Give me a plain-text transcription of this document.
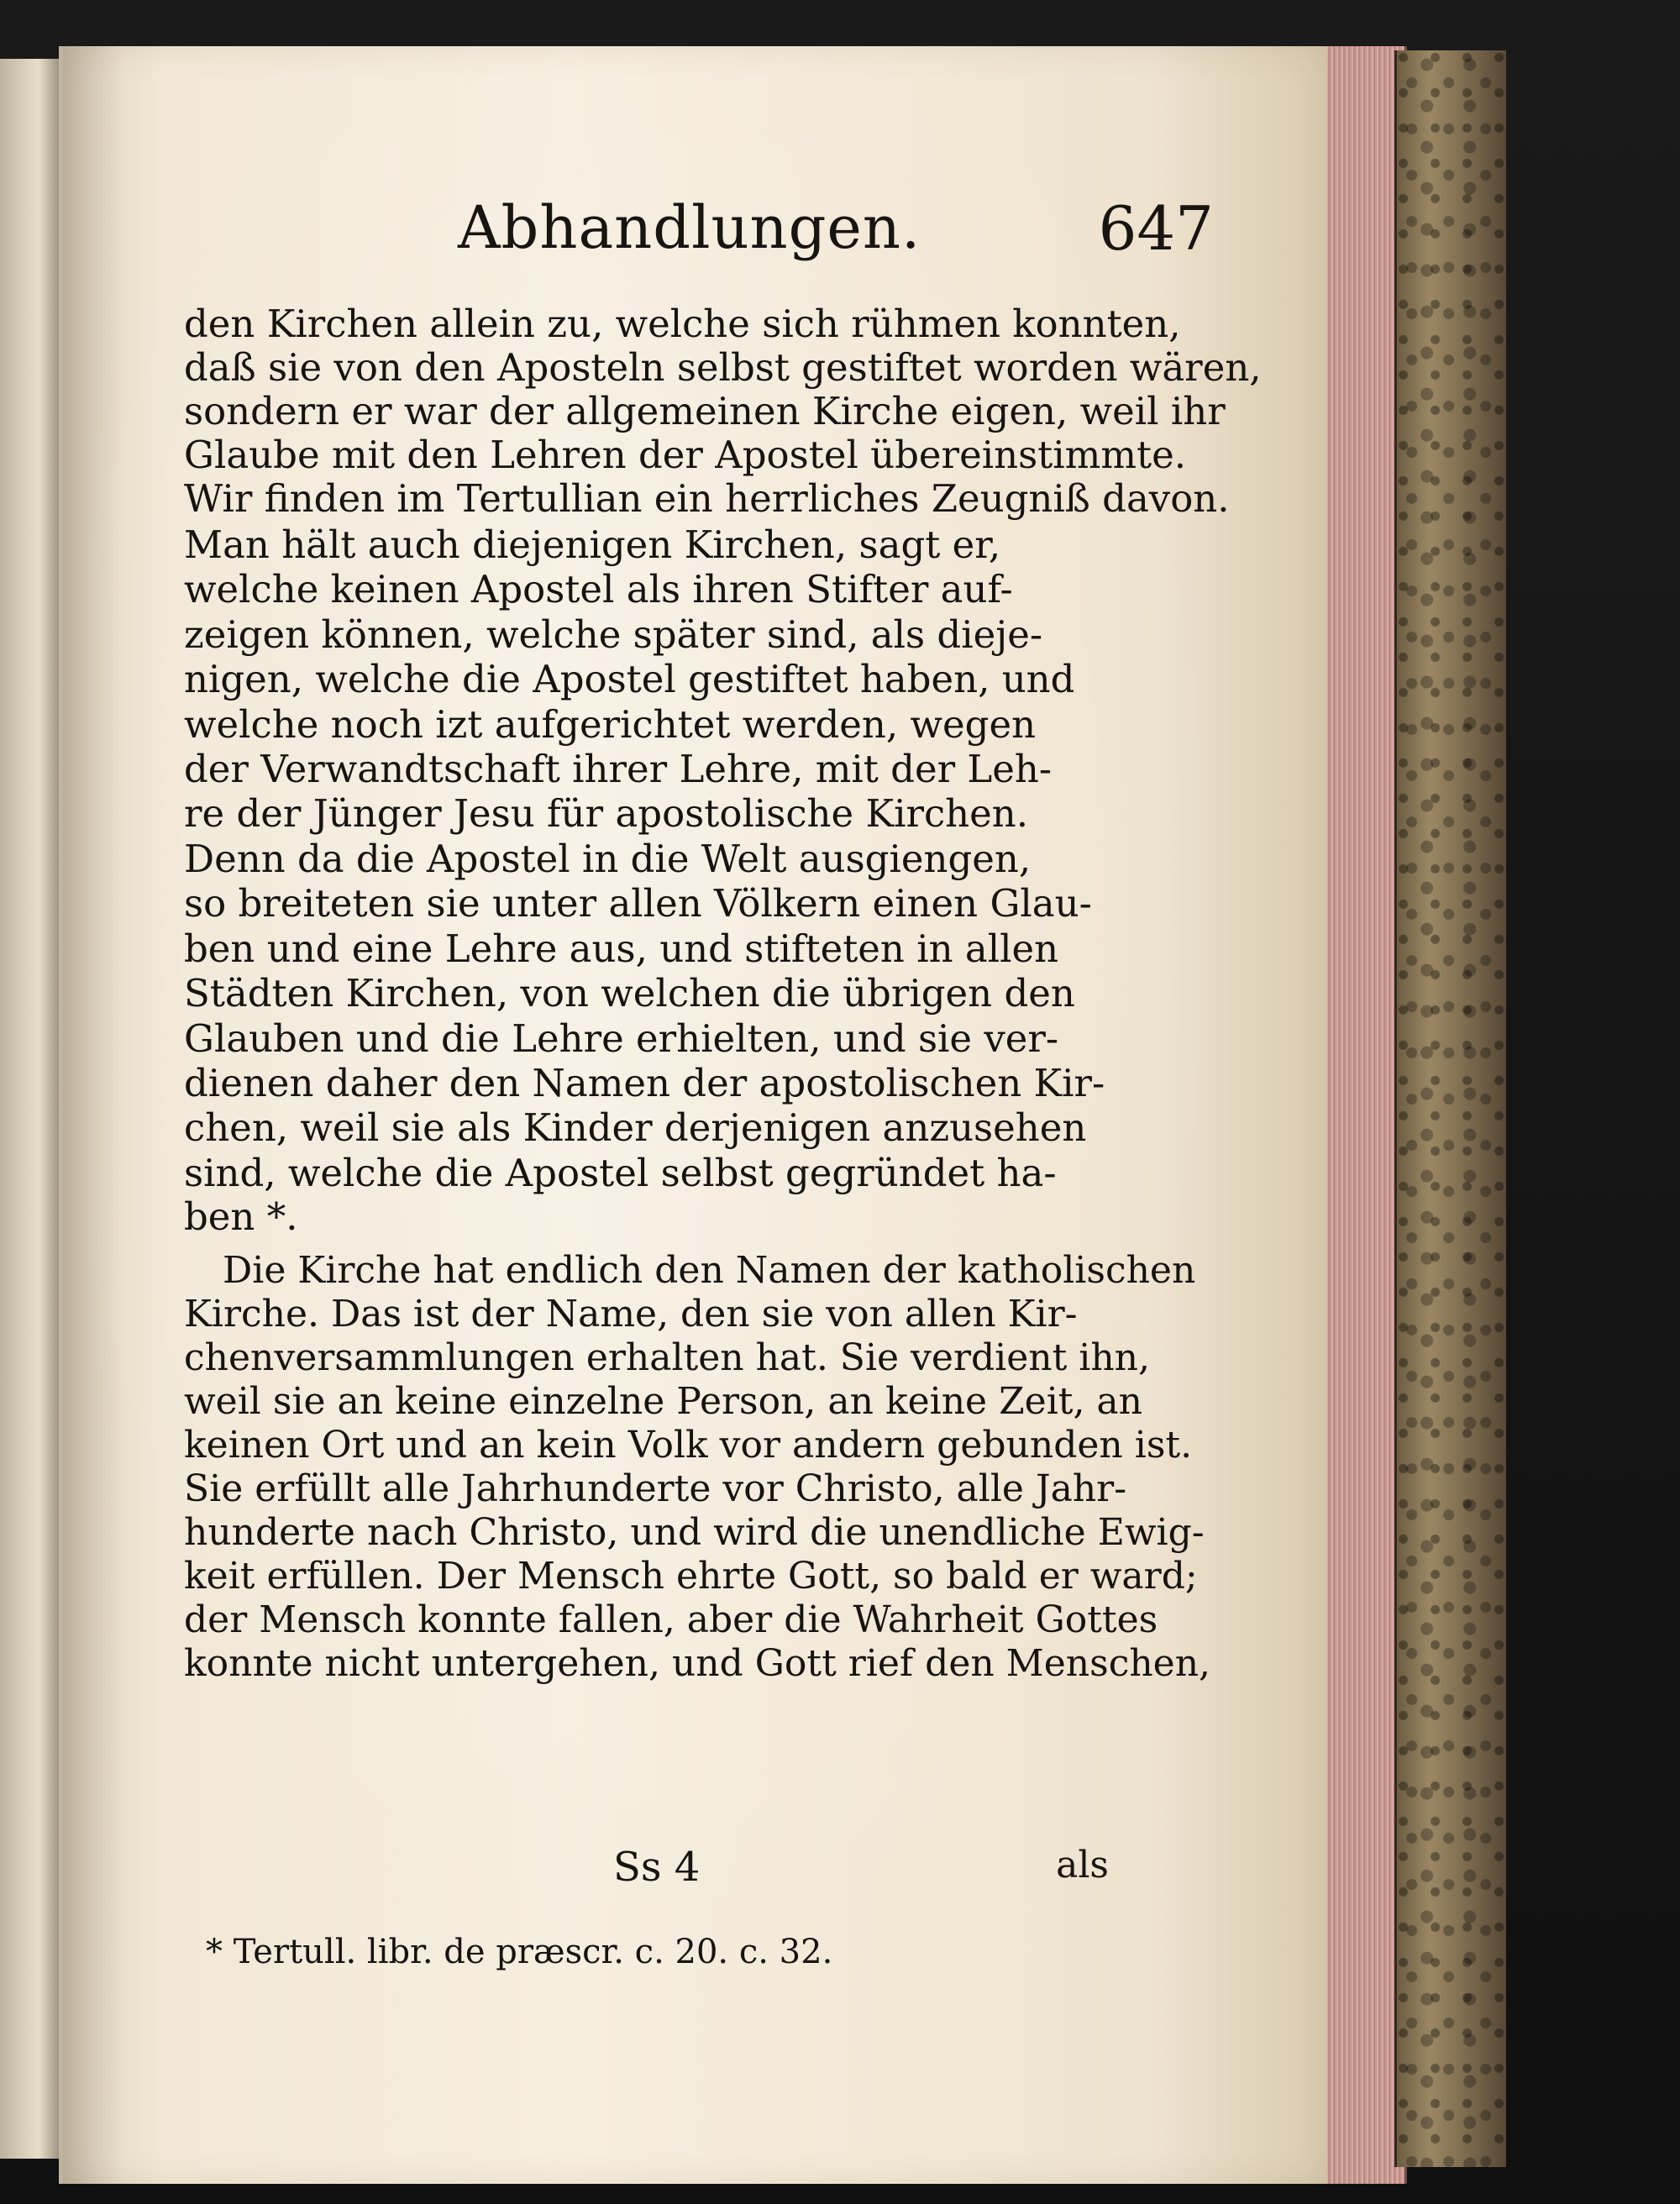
Abhandlungen.	647
den Kirchen allein zu, welche sich rühmen konnten,
daß sie von den Aposteln selbst gestiftet worden wären,
sondern er war der allgemeinen Kirche eigen, weil ihr
Glaube mit den Lehren der Apostel übereinstimmte.
Wir finden im Tertullian ein herrliches Zeugniß davon.
Man hält auch diejenigen Kirchen, sagt er,
welche keinen Apostel als ihren Stifter auf-
zeigen können, welche später sind, als dieje-
nigen, welche die Apostel gestiftet haben, und
welche noch izt aufgerichtet werden, wegen
der Verwandtschaft ihrer Lehre, mit der Leh-
re der Jünger Jesu für apostolische Kirchen.
Denn da die Apostel in die Welt ausgiengen,
so breiteten sie unter allen Völkern einen Glau-
ben und eine Lehre aus, und stifteten in allen
Städten Kirchen, von welchen die übrigen den
Glauben und die Lehre erhielten, und sie ver-
dienen daher den Namen der apostolischen Kir-
chen, weil sie als Kinder derjenigen anzusehen
sind, welche die Apostel selbst gegründet ha-
ben *.
Die Kirche hat endlich den Namen der katholischen
Kirche. Das ist der Name, den sie von allen Kir-
chenversammlungen erhalten hat. Sie verdient ihn,
weil sie an keine einzelne Person, an keine Zeit, an
keinen Ort und an kein Volk vor andern gebunden ist.
Sie erfüllt alle Jahrhunderte vor Christo, alle Jahr-
hunderte nach Christo, und wird die unendliche Ewig-
keit erfüllen. Der Mensch ehrte Gott, so bald er ward;
der Mensch konnte fallen, aber die Wahrheit Gottes
konnte nicht untergehen, und Gott rief den Menschen,
Ss 4	als
* Tertull. libr. de præscr. c. 20. c. 32.
